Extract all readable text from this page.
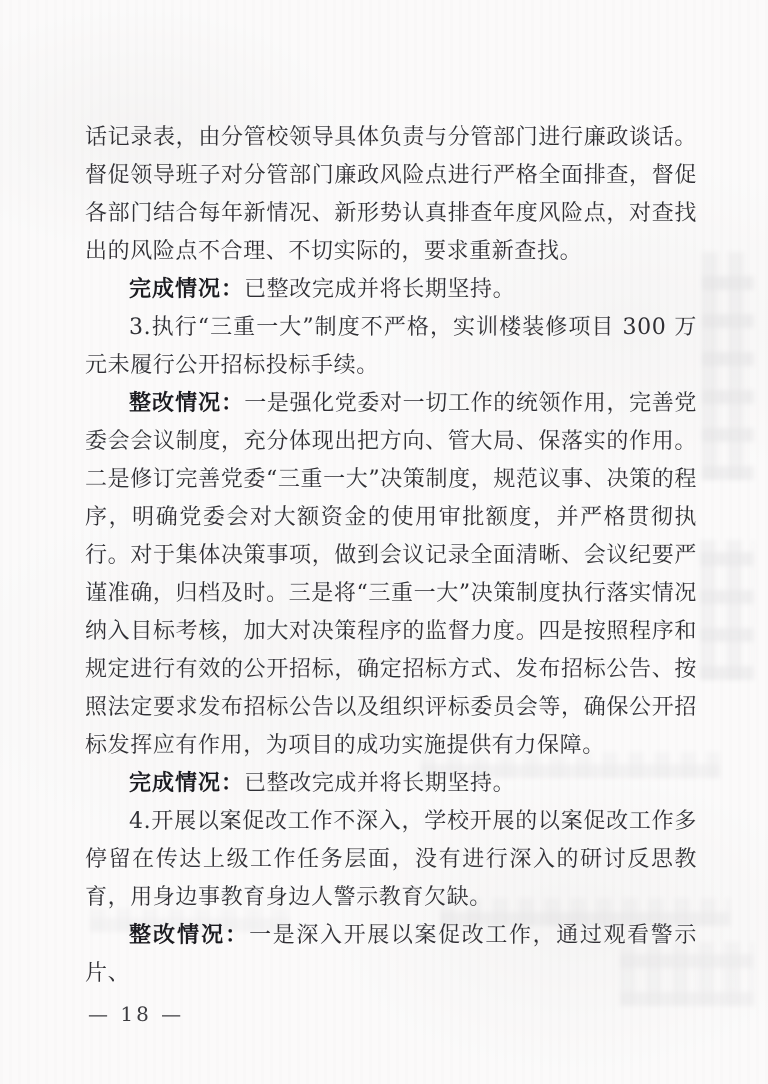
话记录表，由分管校领导具体负责与分管部门进行廉政谈话。督促领导班子对分管部门廉政风险点进行严格全面排查，督促各部门结合每年新情况、新形势认真排查年度风险点，对查找出的风险点不合理、不切实际的，要求重新查找。

完成情况：已整改完成并将长期坚持。

3.执行“三重一大”制度不严格，实训楼装修项目 300 万元未履行公开招标投标手续。

整改情况：一是强化党委对一切工作的统领作用，完善党委会会议制度，充分体现出把方向、管大局、保落实的作用。二是修订完善党委“三重一大”决策制度，规范议事、决策的程序，明确党委会对大额资金的使用审批额度，并严格贯彻执行。对于集体决策事项，做到会议记录全面清晰、会议纪要严谨准确，归档及时。三是将“三重一大”决策制度执行落实情况纳入目标考核，加大对决策程序的监督力度。四是按照程序和规定进行有效的公开招标，确定招标方式、发布招标公告、按照法定要求发布招标公告以及组织评标委员会等，确保公开招标发挥应有作用，为项目的成功实施提供有力保障。

完成情况：已整改完成并将长期坚持。

4.开展以案促改工作不深入，学校开展的以案促改工作多停留在传达上级工作任务层面，没有进行深入的研讨反思教育，用身边事教育身边人警示教育欠缺。

整改情况：一是深入开展以案促改工作，通过观看警示片、

— 18 —
